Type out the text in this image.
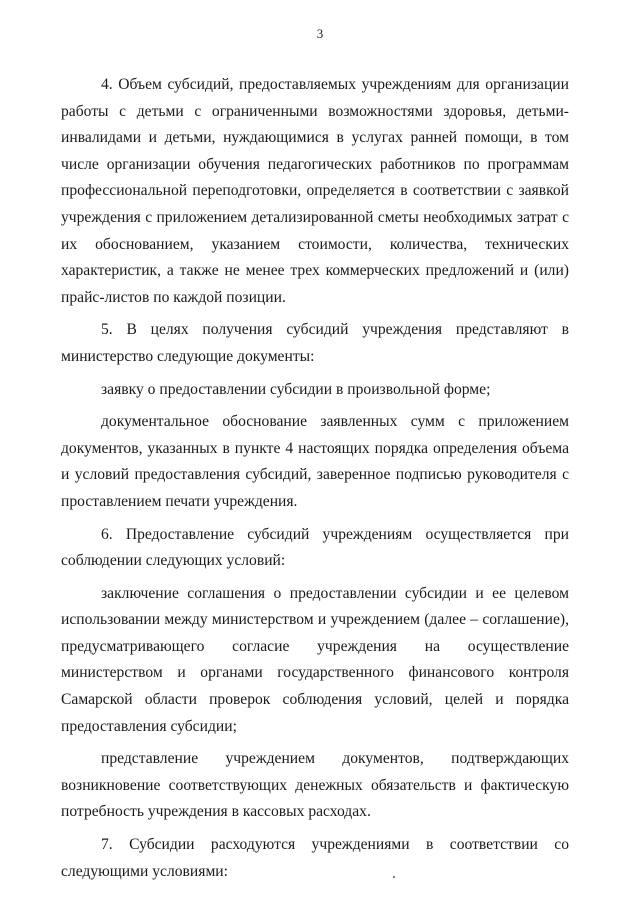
3

4. Объем субсидий, предоставляемых учреждениям для организации работы с детьми с ограниченными возможностями здоровья, детьми-инвалидами и детьми, нуждающимися в услугах ранней помощи, в том числе организации обучения педагогических работников по программам профессиональной переподготовки, определяется в соответствии с заявкой учреждения с приложением детализированной сметы необходимых затрат с их обоснованием, указанием стоимости, количества, технических характеристик, а также не менее трех коммерческих предложений и (или) прайс-листов по каждой позиции.

5. В целях получения субсидий учреждения представляют в министерство следующие документы:

заявку о предоставлении субсидии в произвольной форме;

документальное обоснование заявленных сумм с приложением документов, указанных в пункте 4 настоящих порядка определения объема и условий предоставления субсидий, заверенное подписью руководителя с проставлением печати учреждения.

6. Предоставление субсидий учреждениям осуществляется при соблюдении следующих условий:

заключение соглашения о предоставлении субсидии и ее целевом использовании между министерством и учреждением (далее – соглашение), предусматривающего согласие учреждения на осуществление министерством и органами государственного финансового контроля Самарской области проверок соблюдения условий, целей и порядка предоставления субсидии;

представление учреждением документов, подтверждающих возникновение соответствующих денежных обязательств и фактическую потребность учреждения в кассовых расходах.

7. Субсидии расходуются учреждениями в соответствии со следующими условиями:
